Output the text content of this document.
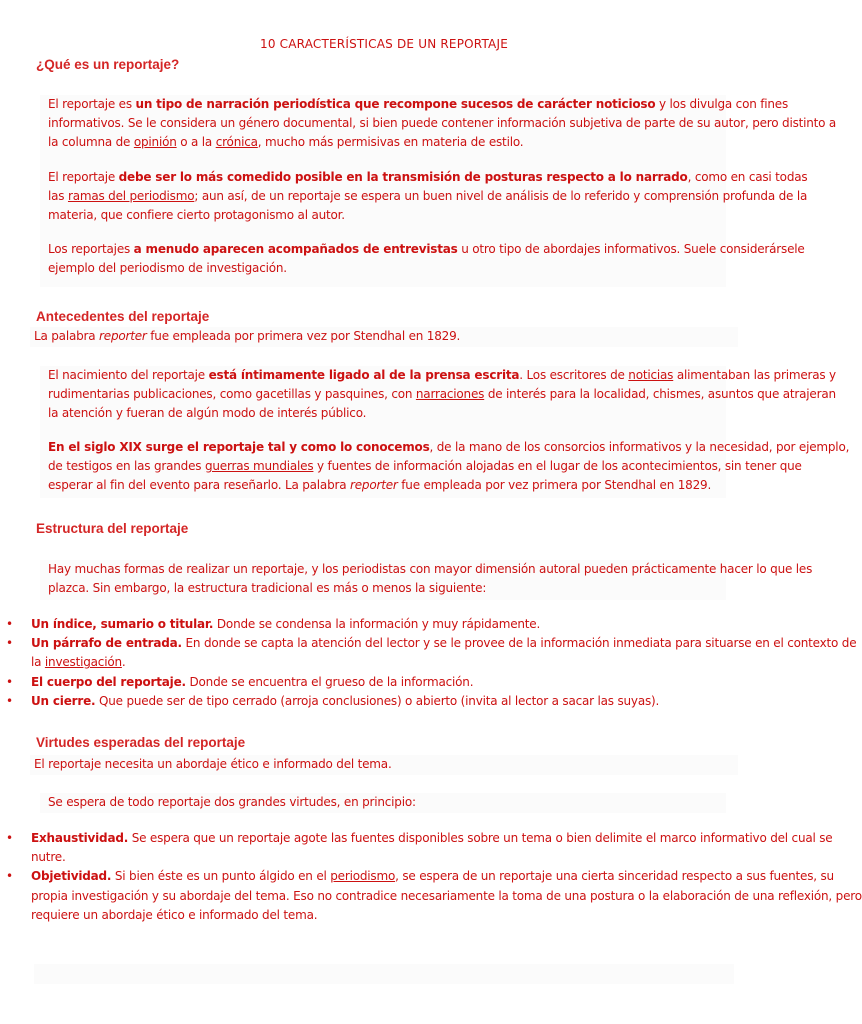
10 CARACTERÍSTICAS DE UN REPORTAJE
¿Qué es un reportaje?

El reportaje es un tipo de narración periodística que recompone sucesos de carácter noticioso y los divulga con fines
informativos. Se le considera un género documental, si bien puede contener información subjetiva de parte de su autor, pero distinto a
la columna de opinión o a la crónica, mucho más permisivas en materia de estilo.

El reportaje debe ser lo más comedido posible en la transmisión de posturas respecto a lo narrado, como en casi todas
las ramas del periodismo; aun así, de un reportaje se espera un buen nivel de análisis de lo referido y comprensión profunda de la
materia, que confiere cierto protagonismo al autor.

Los reportajes a menudo aparecen acompañados de entrevistas u otro tipo de abordajes informativos. Suele considerársele
ejemplo del periodismo de investigación.

Antecedentes del reportaje
La palabra reporter fue empleada por primera vez por Stendhal en 1829.

El nacimiento del reportaje está íntimamente ligado al de la prensa escrita. Los escritores de noticias alimentaban las primeras y
rudimentarias publicaciones, como gacetillas y pasquines, con narraciones de interés para la localidad, chismes, asuntos que atrajeran
la atención y fueran de algún modo de interés público.

En el siglo XIX surge el reportaje tal y como lo conocemos, de la mano de los consorcios informativos y la necesidad, por ejemplo,
de testigos en las grandes guerras mundiales y fuentes de información alojadas en el lugar de los acontecimientos, sin tener que
esperar al fin del evento para reseñarlo. La palabra reporter fue empleada por vez primera por Stendhal en 1829.

Estructura del reportaje

Hay muchas formas de realizar un reportaje, y los periodistas con mayor dimensión autoral pueden prácticamente hacer lo que les
plazca. Sin embargo, la estructura tradicional es más o menos la siguiente:

• Un índice, sumario o titular. Donde se condensa la información y muy rápidamente.
• Un párrafo de entrada. En donde se capta la atención del lector y se le provee de la información inmediata para situarse en el contexto de
la investigación.
• El cuerpo del reportaje. Donde se encuentra el grueso de la información.
• Un cierre. Que puede ser de tipo cerrado (arroja conclusiones) o abierto (invita al lector a sacar las suyas).
Virtudes esperadas del reportaje
El reportaje necesita un abordaje ético e informado del tema.
Se espera de todo reportaje dos grandes virtudes, en principio:
• Exhaustividad. Se espera que un reportaje agote las fuentes disponibles sobre un tema o bien delimite el marco informativo del cual se
nutre.
• Objetividad. Si bien éste es un punto álgido en el periodismo, se espera de un reportaje una cierta sinceridad respecto a sus fuentes, su
propia investigación y su abordaje del tema. Eso no contradice necesariamente la toma de una postura o la elaboración de una reflexión, pero
requiere un abordaje ético e informado del tema.
